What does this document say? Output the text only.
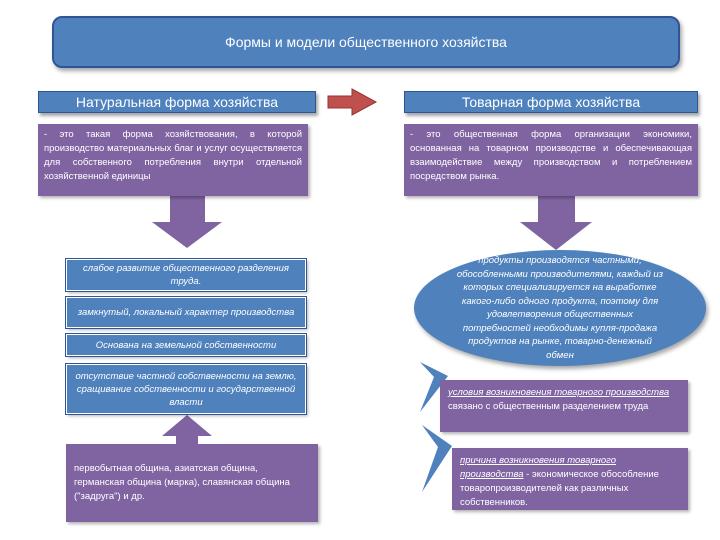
Формы и модели общественного хозяйства
Натуральная форма хозяйства	Товарная форма хозяйства
- это такая форма хозяйствования, в которой производство материальных благ и услуг осуществляется для собственного потребления внутри отдельной хозяйственной единицы
- это общественная форма организации экономики, основанная на товарном производстве и обеспечивающая взаимодействие между производством и потреблением посредством рынка.
слабое развитие общественного разделения труда.
замкнутый, локальный характер производства
Основана на земельной собственности
отсутствие частной собственности на землю, сращивание собственности и государственной власти
первобытная община, азиатская община, германская община (марка), славянская община ("задруга") и др.
продукты производятся частными, обособленными производителями, каждый из которых специализируется на выработке какого-либо одного продукта, поэтому для удовлетворения общественных потребностей необходимы купля-продажа продуктов на рынке, товарно-денежный обмен
условия возникновения товарного производства связано с общественным разделением труда
причина возникновения товарного производства - экономическое обособление товаропроизводителей как различных собственников.
